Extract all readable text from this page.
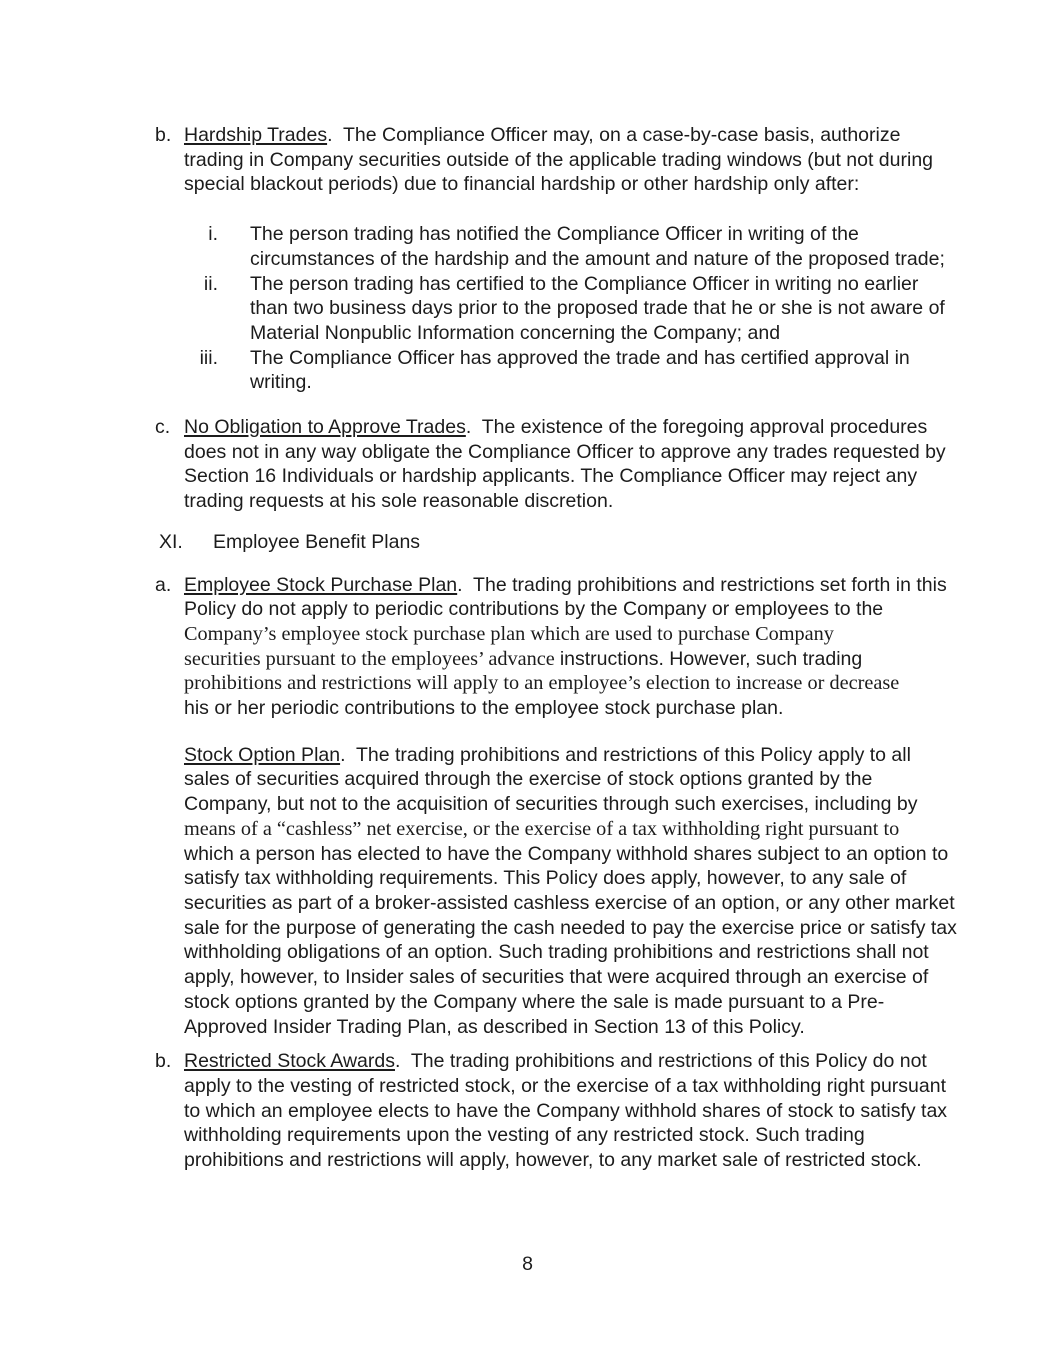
b. Hardship Trades.  The Compliance Officer may, on a case-by-case basis, authorize
trading in Company securities outside of the applicable trading windows (but not during
special blackout periods) due to financial hardship or other hardship only after:
i. The person trading has notified the Compliance Officer in writing of the
circumstances of the hardship and the amount and nature of the proposed trade;
ii. The person trading has certified to the Compliance Officer in writing no earlier
than two business days prior to the proposed trade that he or she is not aware of
Material Nonpublic Information concerning the Company; and
iii. The Compliance Officer has approved the trade and has certified approval in
writing.
c. No Obligation to Approve Trades.  The existence of the foregoing approval procedures
does not in any way obligate the Compliance Officer to approve any trades requested by
Section 16 Individuals or hardship applicants. The Compliance Officer may reject any
trading requests at his sole reasonable discretion.
XI.	Employee Benefit Plans
a. Employee Stock Purchase Plan.  The trading prohibitions and restrictions set forth in this
Policy do not apply to periodic contributions by the Company or employees to the
Company’s employee stock purchase plan which are used to purchase Company
securities pursuant to the employees’ advance instructions. However, such trading
prohibitions and restrictions will apply to an employee’s election to increase or decrease
his or her periodic contributions to the employee stock purchase plan.
Stock Option Plan.  The trading prohibitions and restrictions of this Policy apply to all
sales of securities acquired through the exercise of stock options granted by the
Company, but not to the acquisition of securities through such exercises, including by
means of a “cashless” net exercise, or the exercise of a tax withholding right pursuant to
which a person has elected to have the Company withhold shares subject to an option to
satisfy tax withholding requirements. This Policy does apply, however, to any sale of
securities as part of a broker-assisted cashless exercise of an option, or any other market
sale for the purpose of generating the cash needed to pay the exercise price or satisfy tax
withholding obligations of an option. Such trading prohibitions and restrictions shall not
apply, however, to Insider sales of securities that were acquired through an exercise of
stock options granted by the Company where the sale is made pursuant to a Pre-
Approved Insider Trading Plan, as described in Section 13 of this Policy.
b. Restricted Stock Awards.  The trading prohibitions and restrictions of this Policy do not
apply to the vesting of restricted stock, or the exercise of a tax withholding right pursuant
to which an employee elects to have the Company withhold shares of stock to satisfy tax
withholding requirements upon the vesting of any restricted stock. Such trading
prohibitions and restrictions will apply, however, to any market sale of restricted stock.
8
